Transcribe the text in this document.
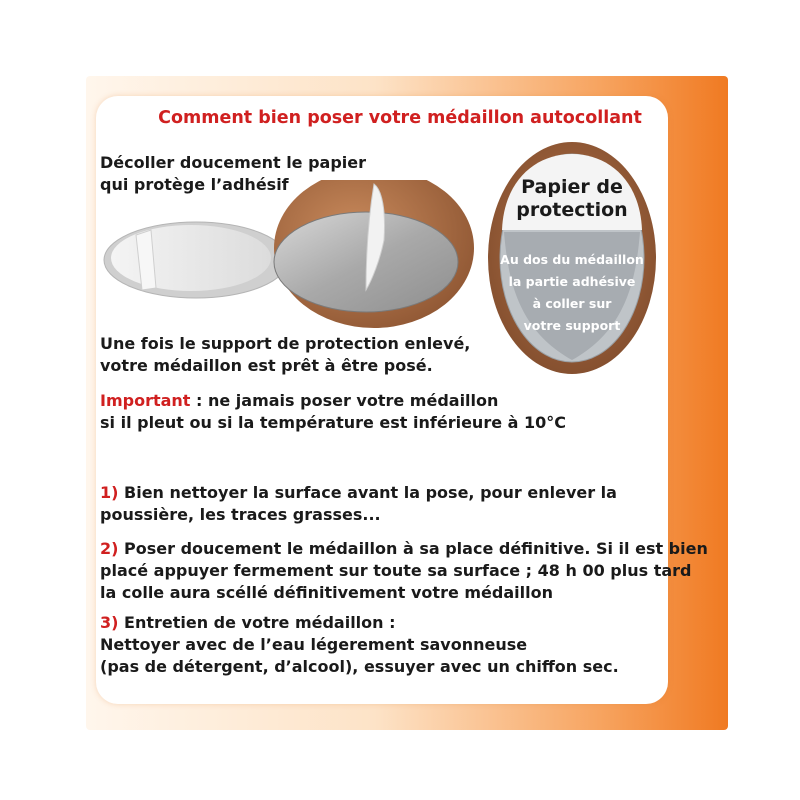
Comment bien poser votre médaillon autocollant
Décoller doucement le papier
qui protège l’adhésif	Papier de
protection
Au dos du médaillon
la partie adhésive
à coller sur
votre support
Une fois le support de protection enlevé,
votre médaillon est prêt à être posé.
Important : ne jamais poser votre médaillon
si il pleut ou si la température est inférieure à 10°C
1) Bien nettoyer la surface avant la pose, pour enlever la
poussière, les traces grasses...
2) Poser doucement le médaillon à sa place définitive. Si il est bien
placé appuyer fermement sur toute sa surface ; 48 h 00 plus tard
la colle aura scéllé définitivement votre médaillon
3) Entretien de votre médaillon :
Nettoyer avec de l’eau légerement savonneuse
(pas de détergent, d’alcool), essuyer avec un chiffon sec.
